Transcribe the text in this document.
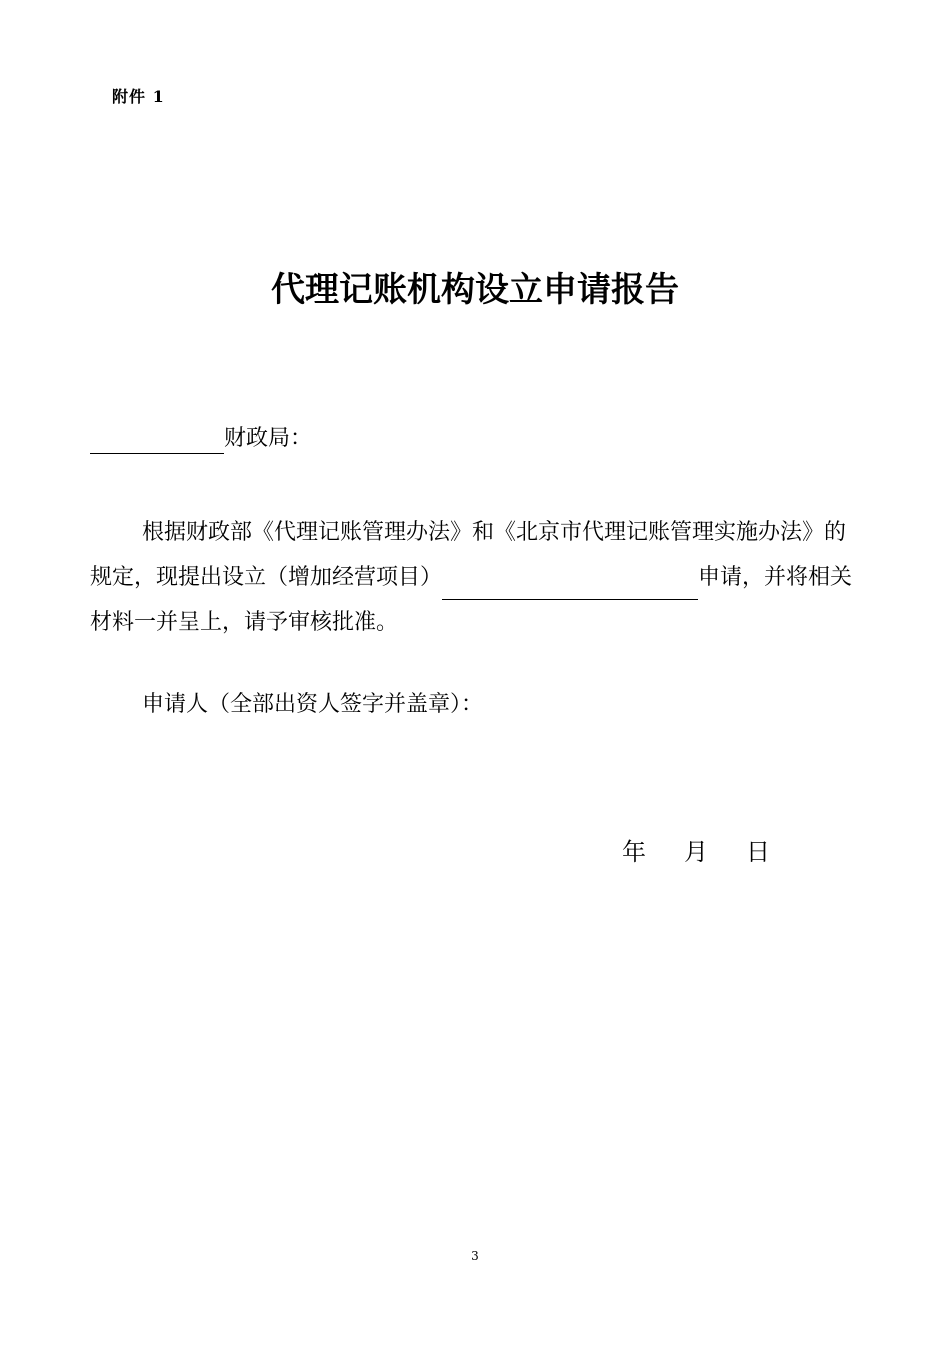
附件 1
代理记账机构设立申请报告
财政局：
根据财政部《代理记账管理办法》和《北京市代理记账管理实施办法》的规定，现提出设立（增加经营项目）	申请，并将相关材料一并呈上，请予审核批准。
申请人（全部出资人签字并盖章）：
年 月 日
3
